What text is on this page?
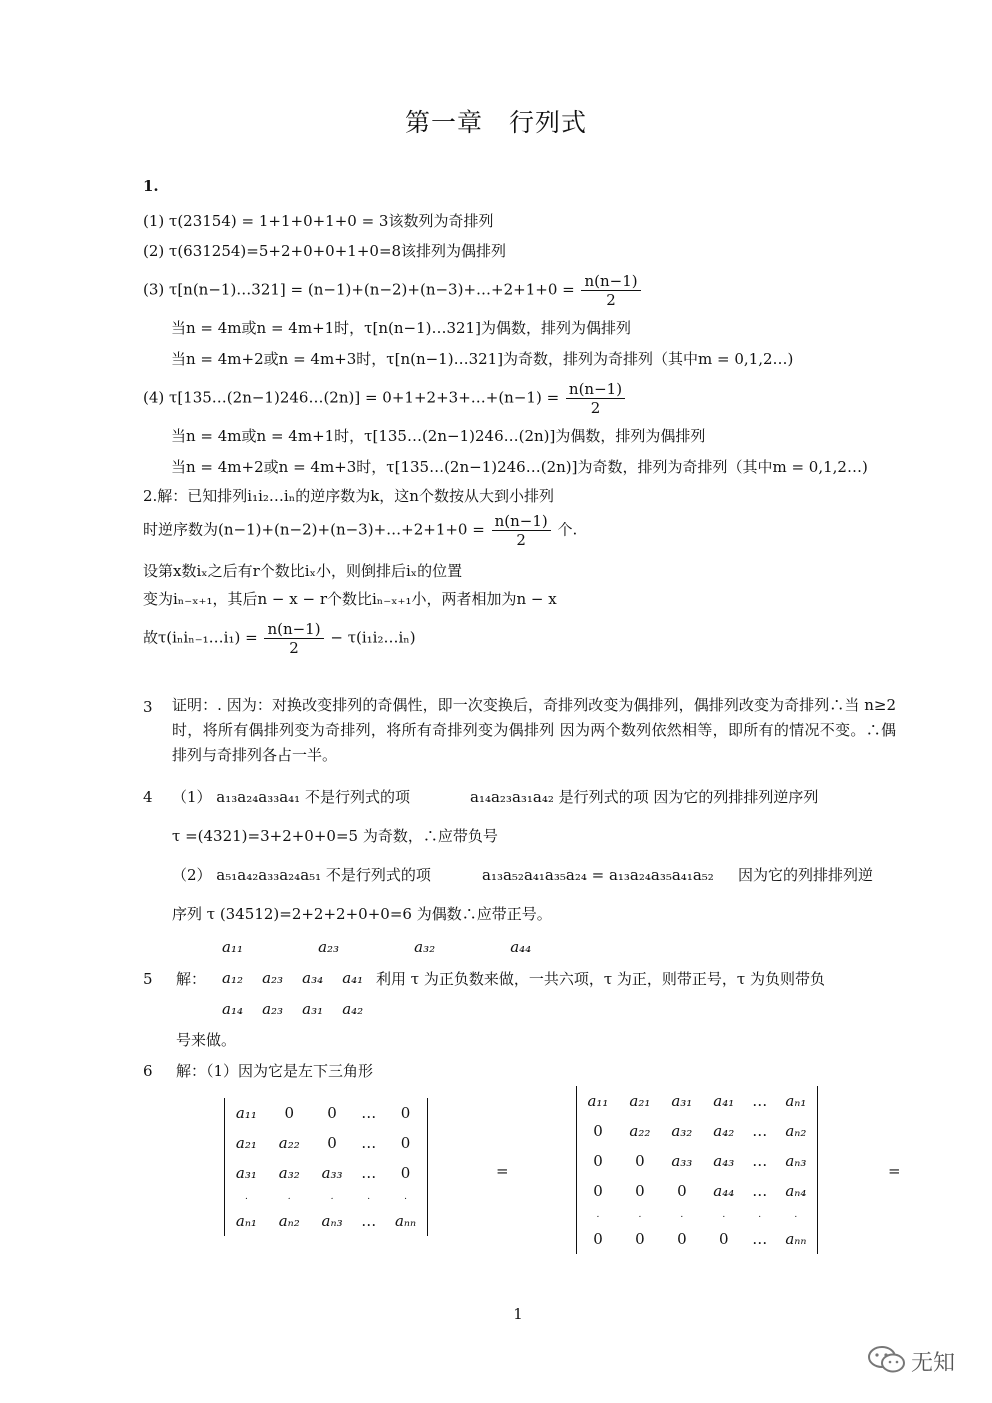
第一章　行列式
1.
(1) τ(23154) = 1+1+0+1+0 = 3该数列为奇排列
(2) τ(631254)=5+2+0+0+1+0=8该排列为偶排列
(3) τ[n(n−1)…321] = (n−1)+(n−2)+(n−3)+…+2+1+0 = $\frac{n(n-1)}{2}$
当n = 4m或n = 4m+1时，τ[n(n−1)…321]为偶数，排列为偶排列
当n = 4m+2或n = 4m+3时，τ[n(n−1)…321]为奇数，排列为奇排列（其中m = 0,1,2…)
(4) τ[135…(2n−1)246…(2n)] = 0+1+2+3+…+(n−1) = $\frac{n(n-1)}{2}$
当n = 4m或n = 4m+1时，τ[135…(2n−1)246…(2n)]为偶数，排列为偶排列
当n = 4m+2或n = 4m+3时，τ[135…(2n−1)246…(2n)]为奇数，排列为奇排列（其中m = 0,1,2…)
2.解：已知排列i₁i₂…iₙ的逆序数为k，这n个数按从大到小排列
时逆序数为(n−1)+(n−2)+(n−3)+…+2+1+0 = $\frac{n(n-1)}{2}$ 个.
设第x数iₓ之后有r个数比iₓ小，则倒排后iₓ的位置
变为iₙ₋ₓ₊₁，其后n − x − r个数比iₙ₋ₓ₊₁小，两者相加为n − x
故τ(iₙiₙ₋₁…i₁) = $\frac{n(n-1)}{2}$ − τ(i₁i₂…iₙ)
3 证明：. 因为：对换改变排列的奇偶性，即一次变换后，奇排列改变为偶排列，偶排列改变为奇排列∴当 n≥2 时，将所有偶排列变为奇排列，将所有奇排列变为偶排列 因为两个数列依然相等，即所有的情况不变。∴偶排列与奇排列各占一半。
4 （1） a₁₃a₂₄a₃₃a₄₁ 不是行列式的项	a₁₄a₂₃a₃₁a₄₂ 是行列式的项 因为它的列排排列逆序列
τ =(4321)=3+2+0+0=5 为奇数，∴应带负号
（2） a₅₁a₄₂a₃₃a₂₄a₅₁ 不是行列式的项	a₁₃a₅₂a₄₁a₃₅a₂₄ = a₁₃a₂₄a₃₅a₄₁a₅₂ 因为它的列排排列逆
序列 τ (34512)=2+2+2+0+0=6 为偶数∴应带正号。
5 解：
a₁₁	a₂₃	a₃₂	a₄₄
a₁₂ a₂₃ a₃₄ a₄₁ 利用 τ 为正负数来做，一共六项，τ 为正，则带正号，τ 为负则带负
a₁₄ a₂₃ a₃₁ a₄₂
号来做。
6 解：（1）因为它是左下三角形
a₁₁	0	0	…	0
a₂₁	a₂₂	0	…	0
a₃₁	a₃₂	a₃₃	…	0
.	.	.	.	.
aₙ₁	aₙ₂	aₙ₃	…	aₙₙ
=
a₁₁	a₂₁	a₃₁	a₄₁	…	aₙ₁
0	a₂₂	a₃₂	a₄₂	…	aₙ₂
0	0	a₃₃	a₄₃	…	aₙ₃
0	0	0	a₄₄	…	aₙ₄
.	.	.	.	.	.
0	0	0	0	…	aₙₙ
=
1
无知
